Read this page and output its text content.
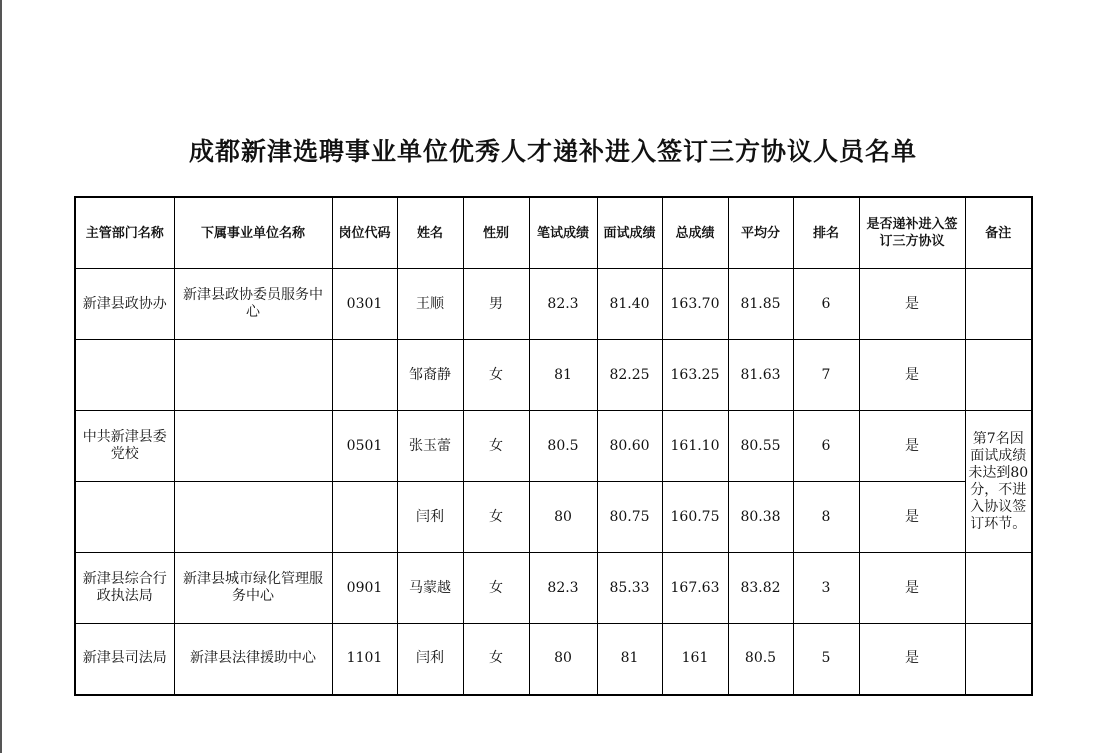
成都新津选聘事业单位优秀人才递补进入签订三方协议人员名单
主管部门名称	下属事业单位名称	岗位代码	姓名	性别	笔试成绩	面试成绩	总成绩	平均分	排名	是否递补进入签订三方协议	备注
新津县政协办	新津县政协委员服务中心	0301	王顺	男	82.3	81.40	163.70	81.85	6	是	
			邹裔静	女	81	82.25	163.25	81.63	7	是	
中共新津县委党校		0501	张玉蕾	女	80.5	80.60	161.10	80.55	6	是	第7名因面试成绩未达到80分，不进入协议签订环节。
			闫利	女	80	80.75	160.75	80.38	8	是	
新津县综合行政执法局	新津县城市绿化管理服务中心	0901	马蒙越	女	82.3	85.33	167.63	83.82	3	是	
新津县司法局	新津县法律援助中心	1101	闫利	女	80	81	161	80.5	5	是	
